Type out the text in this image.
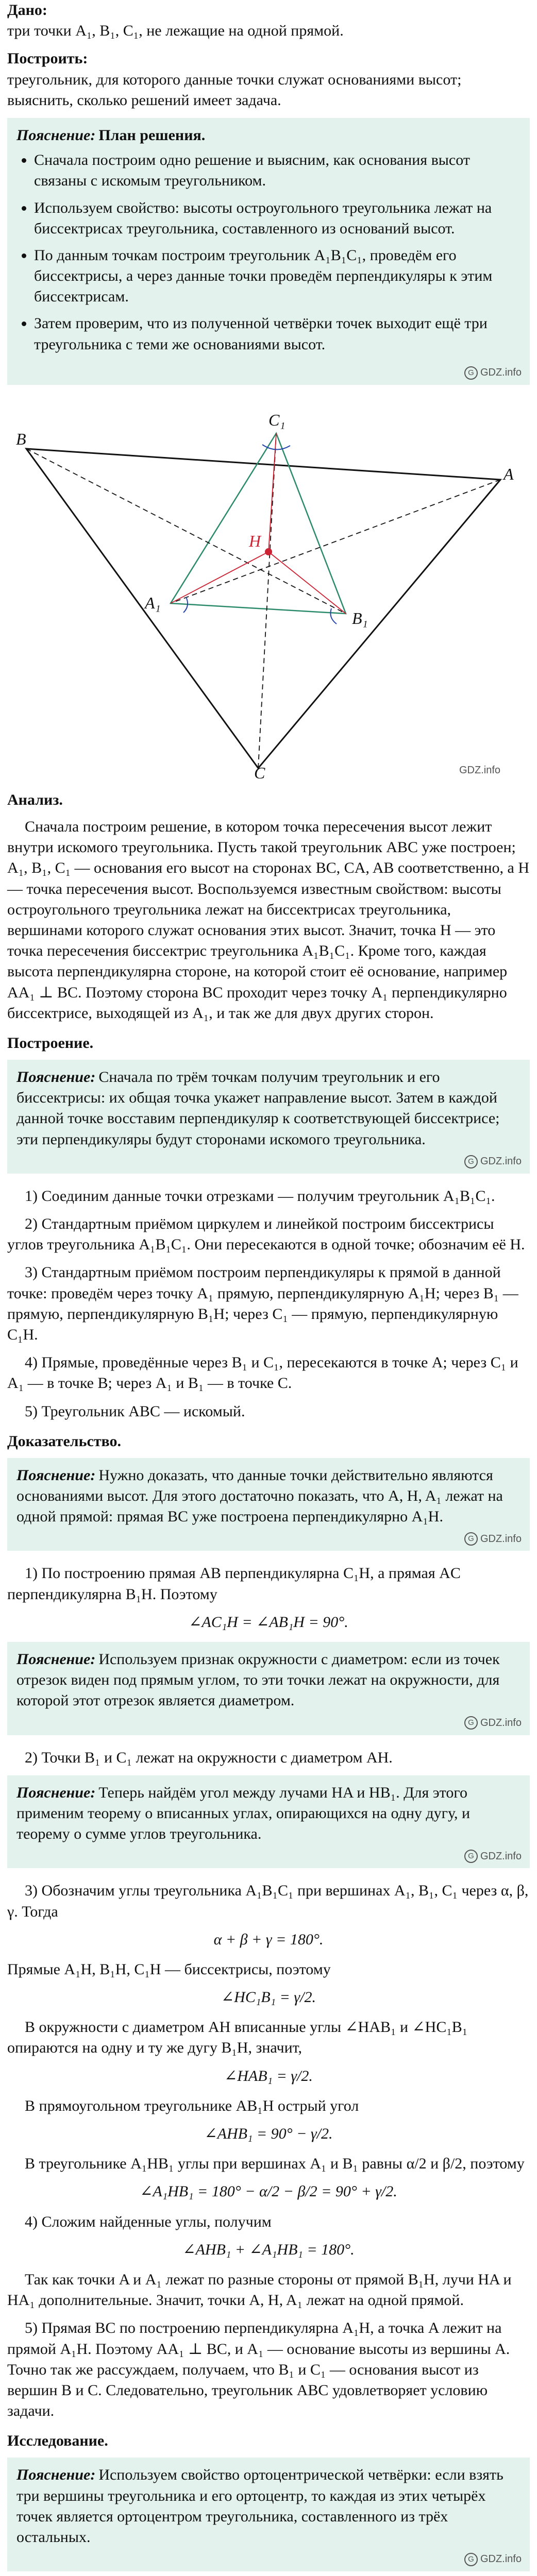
Дано:
три точки A₁, B₁, C₁, не лежащие на одной прямой.

Построить:
треугольник, для которого данные точки служат основаниями высот; выяснить, сколько решений имеет задача.

Пояснение: План решения.
• Сначала построим одно решение и выясним, как основания высот связаны с искомым треугольником.
• Используем свойство: высоты остроугольного треугольника лежат на биссектрисах треугольника, составленного из оснований высот.
• По данным точкам построим треугольник A₁B₁C₁, проведём его биссектрисы, а через данные точки проведём перпендикуляры к этим биссектрисам.
• Затем проверим, что из полученной четвёрки точек выходит ещё три треугольника с теми же основаниями высот.
G GDZ.info
B
A
C
A₁
B₁
C₁
H
GDZ.info

Анализ.

Сначала построим решение, в котором точка пересечения высот лежит внутри искомого треугольника. Пусть такой треугольник ABC уже построен; A₁, B₁, C₁ — основания его высот на сторонах BC, CA, AB соответственно, а H — точка пересечения высот. Воспользуемся известным свойством: высоты остроугольного треугольника лежат на биссектрисах треугольника, вершинами которого служат основания этих высот. Значит, точка H — это точка пересечения биссектрис треугольника A₁B₁C₁. Кроме того, каждая высота перпендикулярна стороне, на которой стоит её основание, например AA₁ ⊥ BC. Поэтому сторона BC проходит через точку A₁ перпендикулярно биссектрисе, выходящей из A₁, и так же для двух других сторон.

Построение.

Пояснение: Сначала по трём точкам получим треугольник и его биссектрисы: их общая точка укажет направление высот. Затем в каждой данной точке восставим перпендикуляр к соответствующей биссектрисе; эти перпендикуляры будут сторонами искомого треугольника.
G GDZ.info

1) Соединим данные точки отрезками — получим треугольник A₁B₁C₁.

2) Стандартным приёмом циркулем и линейкой построим биссектрисы углов треугольника A₁B₁C₁. Они пересекаются в одной точке; обозначим её H.

3) Стандартным приёмом построим перпендикуляры к прямой в данной точке: проведём через точку A₁ прямую, перпендикулярную A₁H; через B₁ — прямую, перпендикулярную B₁H; через C₁ — прямую, перпендикулярную C₁H.

4) Прямые, проведённые через B₁ и C₁, пересекаются в точке A; через C₁ и A₁ — в точке B; через A₁ и B₁ — в точке C.

5) Треугольник ABC — искомый.

Доказательство.

Пояснение: Нужно доказать, что данные точки действительно являются основаниями высот. Для этого достаточно показать, что A, H, A₁ лежат на одной прямой: прямая BC уже построена перпендикулярно A₁H.
G GDZ.info

1) По построению прямая AB перпендикулярна C₁H, а прямая AC перпендикулярна B₁H. Поэтому

∠AC₁H = ∠AB₁H = 90°.

Пояснение: Используем признак окружности с диаметром: если из точек отрезок виден под прямым углом, то эти точки лежат на окружности, для которой этот отрезок является диаметром.
G GDZ.info

2) Точки B₁ и C₁ лежат на окружности с диаметром AH.

Пояснение: Теперь найдём угол между лучами HA и HB₁. Для этого применим теорему о вписанных углах, опирающихся на одну дугу, и теорему о сумме углов треугольника.
G GDZ.info

3) Обозначим углы треугольника A₁B₁C₁ при вершинах A₁, B₁, C₁ через α, β, γ. Тогда

α + β + γ = 180°.

Прямые A₁H, B₁H, C₁H — биссектрисы, поэтому

∠HC₁B₁ = γ/2.

В окружности с диаметром AH вписанные углы ∠HAB₁ и ∠HC₁B₁ опираются на одну и ту же дугу B₁H, значит,

∠HAB₁ = γ/2.

В прямоугольном треугольнике AB₁H острый угол

∠AHB₁ = 90° − γ/2.

В треугольнике A₁HB₁ углы при вершинах A₁ и B₁ равны α/2 и β/2, поэтому

∠A₁HB₁ = 180° − α/2 − β/2 = 90° + γ/2.

4) Сложим найденные углы, получим

∠AHB₁ + ∠A₁HB₁ = 180°.

Так как точки A и A₁ лежат по разные стороны от прямой B₁H, лучи HA и HA₁ дополнительные. Значит, точки A, H, A₁ лежат на одной прямой.

5) Прямая BC по построению перпендикулярна A₁H, а точка A лежит на прямой A₁H. Поэтому AA₁ ⊥ BC, и A₁ — основание высоты из вершины A. Точно так же рассуждаем, получаем, что B₁ и C₁ — основания высот из вершин B и C. Следовательно, треугольник ABC удовлетворяет условию задачи.

Исследование.

Пояснение: Используем свойство ортоцентрической четвёрки: если взять три вершины треугольника и его ортоцентр, то каждая из этих четырёх точек является ортоцентром треугольника, составленного из трёх остальных.
G GDZ.info
